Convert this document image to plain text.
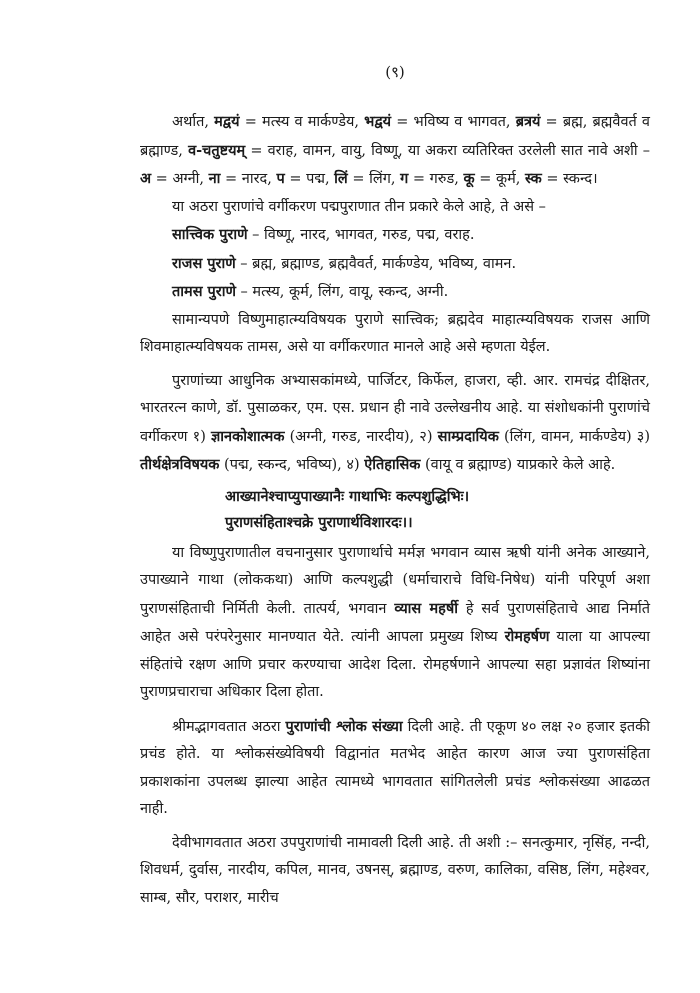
(९)

अर्थात, मद्वयं = मत्स्य व मार्कण्डेय, भद्वयं = भविष्य व भागवत, ब्रत्रयं = ब्रह्म, ब्रह्मवैवर्त व ब्रह्माण्ड, व-चतुष्टयम् = वराह, वामन, वायु, विष्णू, या अकरा व्यतिरिक्त उरलेली सात नावे अशी – अ = अग्नी, ना = नारद, प = पद्म, लिं = लिंग, ग = गरुड, कू = कूर्म, स्क = स्कन्द।

या अठरा पुराणांचे वर्गीकरण पद्मपुराणात तीन प्रकारे केले आहे, ते असे –

सात्त्विक पुराणे – विष्णू, नारद, भागवत, गरुड, पद्म, वराह.
राजस पुराणे – ब्रह्म, ब्रह्माण्ड, ब्रह्मवैवर्त, मार्कण्डेय, भविष्य, वामन.
तामस पुराणे – मत्स्य, कूर्म, लिंग, वायू, स्कन्द, अग्नी.

सामान्यपणे विष्णुमाहात्म्यविषयक पुराणे सात्त्विक; ब्रह्मदेव माहात्म्यविषयक राजस आणि शिवमाहात्म्यविषयक तामस, असे या वर्गीकरणात मानले आहे असे म्हणता येईल.

पुराणांच्या आधुनिक अभ्यासकांमध्ये, पार्जिटर, किर्फेल, हाजरा, व्ही. आर. रामचंद्र दीक्षितर, भारतरत्न काणे, डॉ. पुसाळकर, एम. एस. प्रधान ही नावे उल्लेखनीय आहे. या संशोधकांनी पुराणांचे वर्गीकरण १) ज्ञानकोशात्मक (अग्नी, गरुड, नारदीय), २) साम्प्रदायिक (लिंग, वामन, मार्कण्डेय) ३) तीर्थक्षेत्रविषयक (पद्म, स्कन्द, भविष्य), ४) ऐतिहासिक (वायू व ब्रह्माण्ड) याप्रकारे केले आहे.

आख्यानेश्चाप्युपाख्यानैः गाथाभिः कल्पशुद्धिभिः।
पुराणसंहिताश्चक्रे पुराणार्थविशारदः।।

या विष्णुपुराणातील वचनानुसार पुराणार्थाचे मर्मज्ञ भगवान व्यास ऋषी यांनी अनेक आख्याने, उपाख्याने गाथा (लोककथा) आणि कल्पशुद्धी (धर्माचाराचे विधि-निषेध) यांनी परिपूर्ण अशा पुराणसंहिताची निर्मिती केली. तात्पर्य, भगवान व्यास महर्षी हे सर्व पुराणसंहिताचे आद्य निर्माते आहेत असे परंपरेनुसार मानण्यात येते. त्यांनी आपला प्रमुख्य शिष्य रोमहर्षण याला या आपल्या संहितांचे रक्षण आणि प्रचार करण्याचा आदेश दिला. रोमहर्षणाने आपल्या सहा प्रज्ञावंत शिष्यांना पुराणप्रचाराचा अधिकार दिला होता.

श्रीमद्भागवतात अठरा पुराणांची श्लोक संख्या दिली आहे. ती एकूण ४० लक्ष २० हजार इतकी प्रचंड होते. या श्लोकसंख्येविषयी विद्वानांत मतभेद आहेत कारण आज ज्या पुराणसंहिता प्रकाशकांना उपलब्ध झाल्या आहेत त्यामध्ये भागवतात सांगितलेली प्रचंड श्लोकसंख्या आढळत नाही.

देवीभागवतात अठरा उपपुराणांची नामावली दिली आहे. ती अशी :– सनत्कुमार, नृसिंह, नन्दी, शिवधर्म, दुर्वास, नारदीय, कपिल, मानव, उषनस्, ब्रह्माण्ड, वरुण, कालिका, वसिष्ठ, लिंग, महेश्वर, साम्ब, सौर, पराशर, मारीच
